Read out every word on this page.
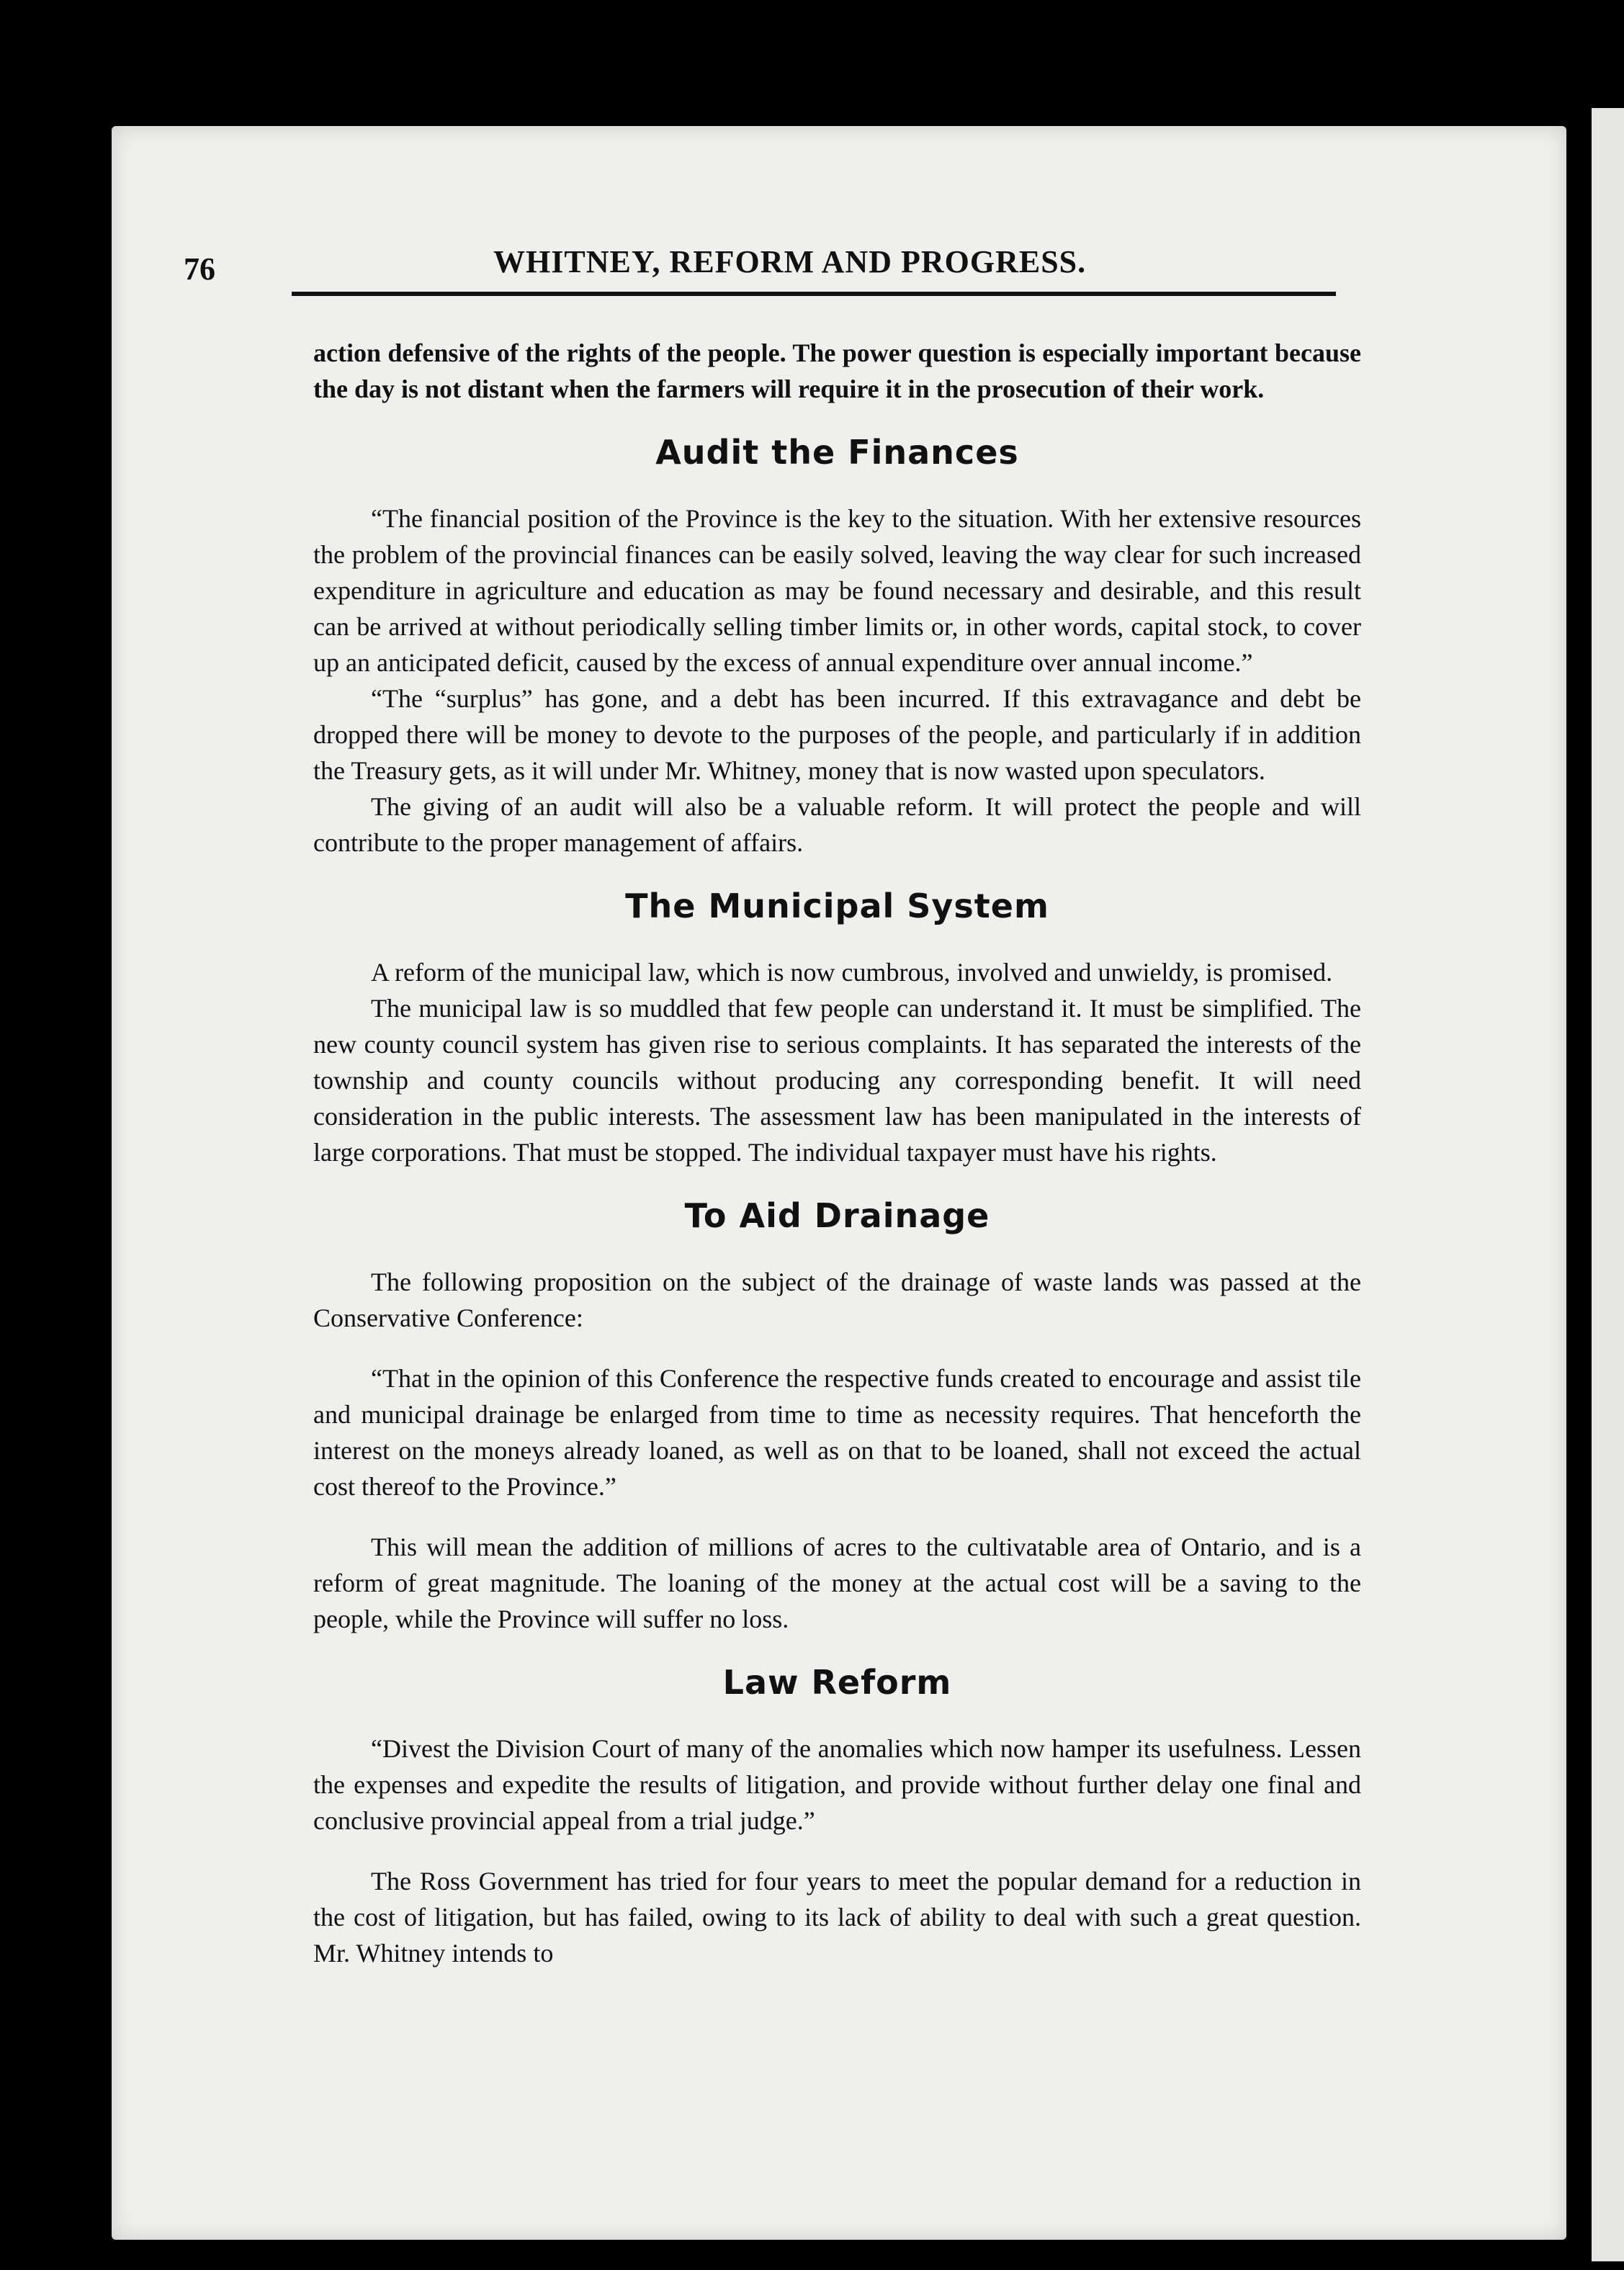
76	WHITNEY, REFORM AND PROGRESS.

action defensive of the rights of the people. The power question is especially important because the day is not distant when the farmers will require it in the prosecution of their work.

Audit the Finances

“The financial position of the Province is the key to the situation. With her extensive resources the problem of the provincial finances can be easily solved, leaving the way clear for such increased expenditure in agriculture and education as may be found necessary and desirable, and this result can be arrived at without periodically selling timber limits or, in other words, capital stock, to cover up an anticipated deficit, caused by the excess of annual expenditure over annual income.”

“The “surplus” has gone, and a debt has been incurred. If this extravagance and debt be dropped there will be money to devote to the purposes of the people, and particularly if in addition the Treasury gets, as it will under Mr. Whitney, money that is now wasted upon speculators.

The giving of an audit will also be a valuable reform. It will protect the people and will contribute to the proper management of affairs.

The Municipal System

A reform of the municipal law, which is now cumbrous, involved and unwieldy, is promised.

The municipal law is so muddled that few people can understand it. It must be simplified. The new county council system has given rise to serious complaints. It has separated the interests of the township and county councils without producing any corresponding benefit. It will need consideration in the public interests. The assessment law has been manipulated in the interests of large corporations. That must be stopped. The individual taxpayer must have his rights.

To Aid Drainage

The following proposition on the subject of the drainage of waste lands was passed at the Conservative Conference:

“That in the opinion of this Conference the respective funds created to encourage and assist tile and municipal drainage be enlarged from time to time as necessity requires. That henceforth the interest on the moneys already loaned, as well as on that to be loaned, shall not exceed the actual cost thereof to the Province.”

This will mean the addition of millions of acres to the cultivatable area of Ontario, and is a reform of great magnitude. The loaning of the money at the actual cost will be a saving to the people, while the Province will suffer no loss.

Law Reform

“Divest the Division Court of many of the anomalies which now hamper its usefulness. Lessen the expenses and expedite the results of litigation, and provide without further delay one final and conclusive provincial appeal from a trial judge.”

The Ross Government has tried for four years to meet the popular demand for a reduction in the cost of litigation, but has failed, owing to its lack of ability to deal with such a great question. Mr. Whitney intends to
